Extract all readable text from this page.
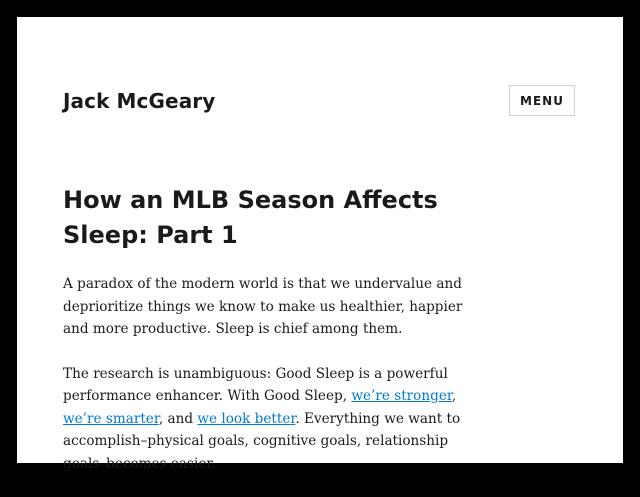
Jack McGeary	MENU
How an MLB Season Affects Sleep: Part 1

A paradox of the modern world is that we undervalue and deprioritize things we know to make us healthier, happier and more productive. Sleep is chief among them.

The research is unambiguous: Good Sleep is a powerful performance enhancer. With Good Sleep, we’re stronger, we’re smarter, and we look better. Everything we want to accomplish–physical goals, cognitive goals, relationship goals–becomes easier.
